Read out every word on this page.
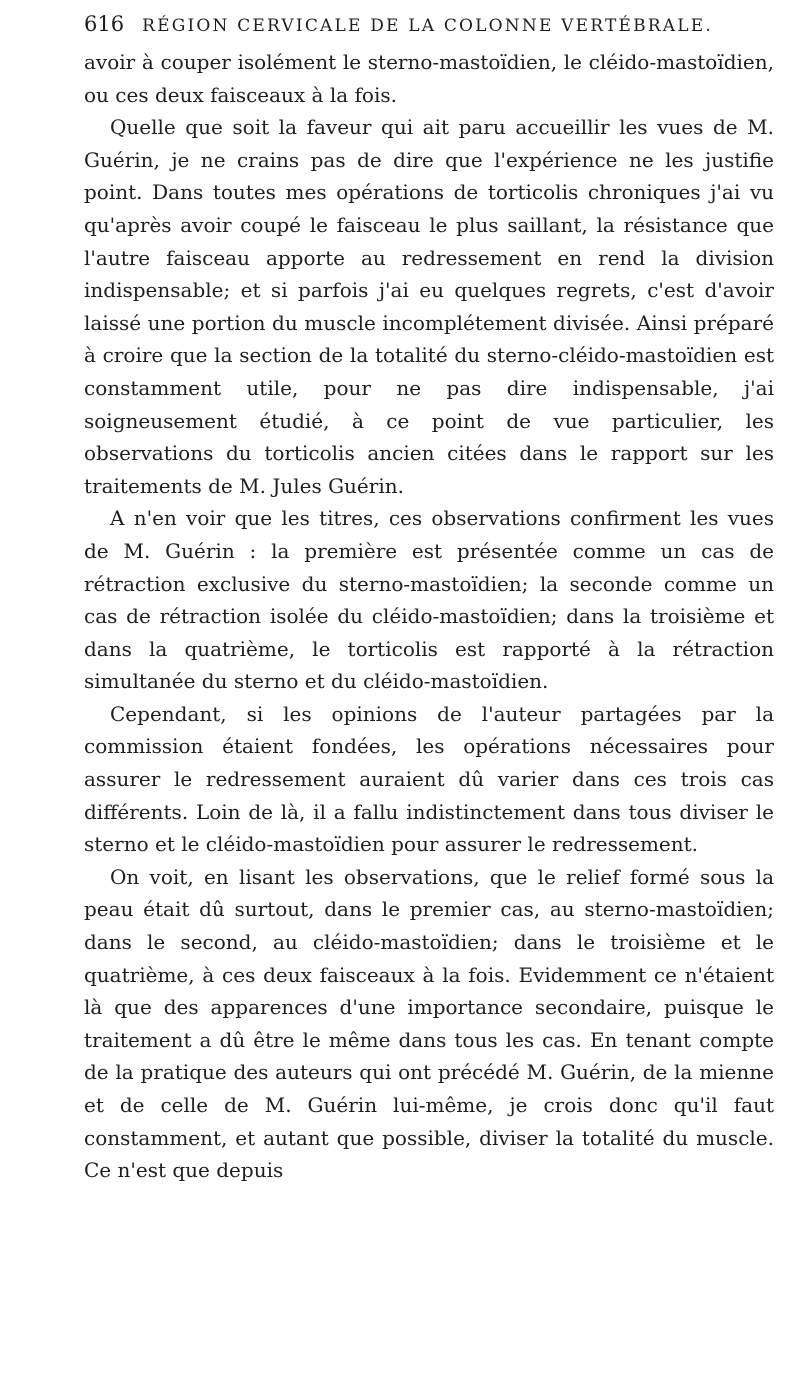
616 RÉGION CERVICALE DE LA COLONNE VERTÉBRALE.

avoir à couper isolément le sterno-mastoïdien, le cléido-mastoïdien, ou ces deux faisceaux à la fois.

Quelle que soit la faveur qui ait paru accueillir les vues de M. Guérin, je ne crains pas de dire que l'expérience ne les justifie point. Dans toutes mes opérations de torticolis chroniques j'ai vu qu'après avoir coupé le faisceau le plus saillant, la résistance que l'autre faisceau apporte au redressement en rend la division indispensable; et si parfois j'ai eu quelques regrets, c'est d'avoir laissé une portion du muscle incomplétement divisée. Ainsi préparé à croire que la section de la totalité du sterno-cléido-mastoïdien est constamment utile, pour ne pas dire indispensable, j'ai soigneusement étudié, à ce point de vue particulier, les observations du torticolis ancien citées dans le rapport sur les traitements de M. Jules Guérin.

A n'en voir que les titres, ces observations confirment les vues de M. Guérin : la première est présentée comme un cas de rétraction exclusive du sterno-mastoïdien; la seconde comme un cas de rétraction isolée du cléido-mastoïdien; dans la troisième et dans la quatrième, le torticolis est rapporté à la rétraction simultanée du sterno et du cléido-mastoïdien.

Cependant, si les opinions de l'auteur partagées par la commission étaient fondées, les opérations nécessaires pour assurer le redressement auraient dû varier dans ces trois cas différents. Loin de là, il a fallu indistinctement dans tous diviser le sterno et le cléido-mastoïdien pour assurer le redressement.

On voit, en lisant les observations, que le relief formé sous la peau était dû surtout, dans le premier cas, au sterno-mastoïdien; dans le second, au cléido-mastoïdien; dans le troisième et le quatrième, à ces deux faisceaux à la fois. Evidemment ce n'étaient là que des apparences d'une importance secondaire, puisque le traitement a dû être le même dans tous les cas. En tenant compte de la pratique des auteurs qui ont précédé M. Guérin, de la mienne et de celle de M. Guérin lui-même, je crois donc qu'il faut constamment, et autant que possible, diviser la totalité du muscle. Ce n'est que depuis
